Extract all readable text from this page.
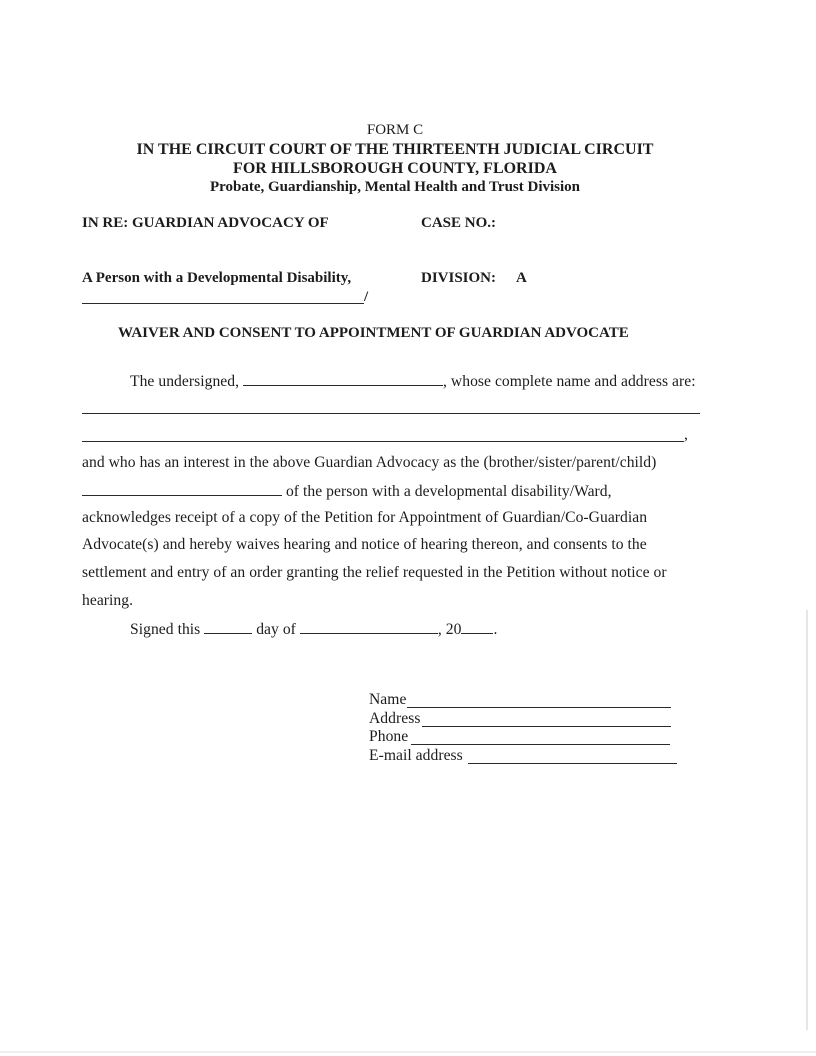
FORM C
IN THE CIRCUIT COURT OF THE THIRTEENTH JUDICIAL CIRCUIT
FOR HILLSBOROUGH COUNTY, FLORIDA
Probate, Guardianship, Mental Health and Trust Division
IN RE: GUARDIAN ADVOCACY OF	CASE NO.:
A Person with a Developmental Disability,	DIVISION: A
/
WAIVER AND CONSENT TO APPOINTMENT OF GUARDIAN ADVOCATE
The undersigned,	, whose complete name and address are:
,
and who has an interest in the above Guardian Advocacy as the (brother/sister/parent/child)
of the person with a developmental disability/Ward,
acknowledges receipt of a copy of the Petition for Appointment of Guardian/Co-Guardian
Advocate(s) and hereby waives hearing and notice of hearing thereon, and consents to the
settlement and entry of an order granting the relief requested in the Petition without notice or
hearing.
Signed this	day of	, 20 .
Name
Address
Phone
E-mail address
